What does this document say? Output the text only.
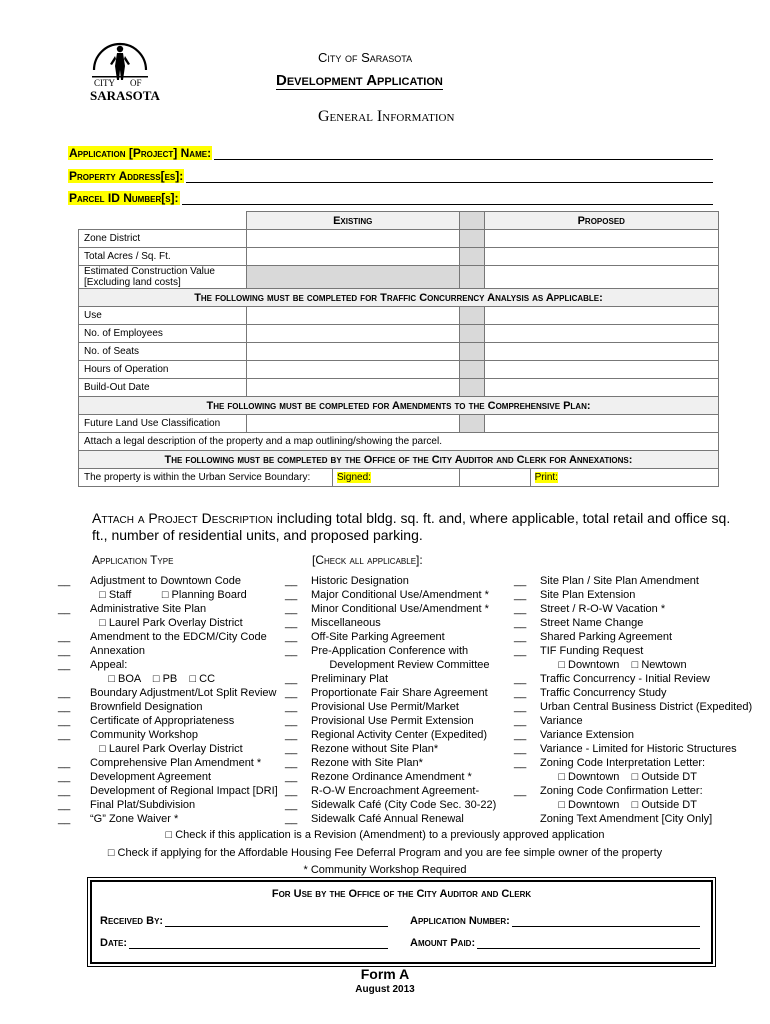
CITY OF
SARASOTA
City of Sarasota
Development Application
General Information
Application [Project] Name:
Property Address[es]:
Parcel ID Number[s]:
	Existing		Proposed
Zone District			
Total Acres / Sq. Ft.			
Estimated Construction Value
[Excluding land costs]			
The following must be completed for Traffic Concurrency Analysis as Applicable:			
Use			
No. of Employees			
No. of Seats			
Hours of Operation			
Build-Out Date			
The following must be completed for Amendments to the Comprehensive Plan:			
Future Land Use Classification			
Attach a legal description of the property and a map outlining/showing the parcel.			
The following must be completed by the Office of the City Auditor and Clerk for Annexations:			

The property is within the Urban Service Boundary: Signed:		Print:	
Attach a Project Description including total bldg. sq. ft. and, where applicable, total retail and office sq. ft., number of residential units, and proposed parking.
Application Type	[Check all applicable]:
__
__
__
__
__
__
__
__
__
__
__
__
__
__
Adjustment to Downtown Code
□ Staff          □ Planning Board
Administrative Site Plan
□ Laurel Park Overlay District
Amendment to the EDCM/City Code
Annexation
Appeal:
□ BOA    □ PB    □ CC
Boundary Adjustment/Lot Split Review
Brownfield Designation
Certificate of Appropriateness
Community Workshop
□ Laurel Park Overlay District
Comprehensive Plan Amendment *
Development Agreement
Development of Regional Impact [DRI]
Final Plat/Subdivision
“G” Zone Waiver *
__
__
__
__
__
__
__
__
__
__
__
__
__
__
__
__
__
Historic Designation
Major Conditional Use/Amendment *
Minor Conditional Use/Amendment *
Miscellaneous
Off-Site Parking Agreement
Pre-Application Conference with
Development Review Committee
Preliminary Plat
Proportionate Fair Share Agreement
Provisional Use Permit/Market
Provisional Use Permit Extension
Regional Activity Center (Expedited)
Rezone without Site Plan*
Rezone with Site Plan*
Rezone Ordinance Amendment *
R-O-W Encroachment Agreement-
Sidewalk Café (City Code Sec. 30-22)
Sidewalk Café Annual Renewal
__
__
__
__
__
__
__
__
__
__
__
__
__
__
Site Plan / Site Plan Amendment
Site Plan Extension
Street / R-O-W Vacation *
Street Name Change
Shared Parking Agreement
TIF Funding Request
□ Downtown    □ Newtown
Traffic Concurrency - Initial Review
Traffic Concurrency Study
Urban Central Business District (Expedited)
Variance
Variance Extension
Variance - Limited for Historic Structures
Zoning Code Interpretation Letter:
□ Downtown    □ Outside DT
Zoning Code Confirmation Letter:
□ Downtown    □ Outside DT
Zoning Text Amendment [City Only]
□ Check if this application is a Revision (Amendment) to a previously approved application
□ Check if applying for the Affordable Housing Fee Deferral Program and you are fee simple owner of the property
* Community Workshop Required
For Use by the Office of the City Auditor and Clerk
Received By:	Application Number:
Date:	Amount Paid:
Form A
August 2013
